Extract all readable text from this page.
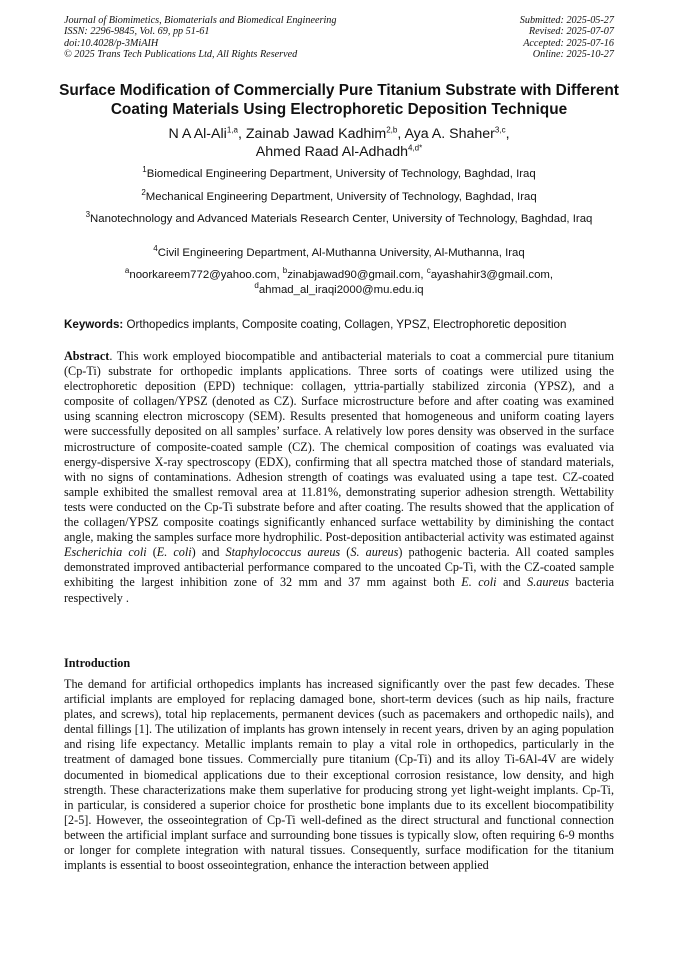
Journal of Biomimetics, Biomaterials and Biomedical Engineering	Submitted: 2025-05-27
ISSN: 2296-9845, Vol. 69, pp 51-61	Revised: 2025-07-07
doi:10.4028/p-3MiAIH	Accepted: 2025-07-16
© 2025 Trans Tech Publications Ltd, All Rights Reserved	Online: 2025-10-27
Surface Modification of Commercially Pure Titanium Substrate with Different Coating Materials Using Electrophoretic Deposition Technique
N A Al-Ali$^{1,a}$, Zainab Jawad Kadhim$^{2,b}$, Aya A. Shaher$^{3,c}$,
Ahmed Raad Al-Adhadh$^{4,d*}$
$^1$Biomedical Engineering Department, University of Technology, Baghdad, Iraq
$^2$Mechanical Engineering Department, University of Technology, Baghdad, Iraq
$^3$Nanotechnology and Advanced Materials Research Center, University of Technology, Baghdad, Iraq
$^4$Civil Engineering Department, Al-Muthanna University, Al-Muthanna, Iraq
$^a$noorkareem772@yahoo.com, $^b$zinabjawad90@gmail.com, $^c$ayashahir3@gmail.com,
$^d$ahmad_al_iraqi2000@mu.edu.iq
Keywords: Orthopedics implants, Composite coating, Collagen, YPSZ, Electrophoretic deposition
Abstract. This work employed biocompatible and antibacterial materials to coat a commercial pure titanium (Cp-Ti) substrate for orthopedic implants applications. Three sorts of coatings were utilized using the electrophoretic deposition (EPD) technique: collagen, yttria-partially stabilized zirconia (YPSZ), and a composite of collagen/YPSZ (denoted as CZ). Surface microstructure before and after coating was examined using scanning electron microscopy (SEM). Results presented that homogeneous and uniform coating layers were successfully deposited on all samples’ surface. A relatively low pores density was observed in the surface microstructure of composite-coated sample (CZ). The chemical composition of coatings was evaluated via energy-dispersive X-ray spectroscopy (EDX), confirming that all spectra matched those of standard materials, with no signs of contaminations. Adhesion strength of coatings was evaluated using a tape test. CZ-coated sample exhibited the smallest removal area at 11.81%, demonstrating superior adhesion strength. Wettability tests were conducted on the Cp-Ti substrate before and after coating. The results showed that the application of the collagen/YPSZ composite coatings significantly enhanced surface wettability by diminishing the contact angle, making the samples surface more hydrophilic. Post-deposition antibacterial activity was estimated against Escherichia coli (E. coli) and Staphylococcus aureus (S. aureus) pathogenic bacteria. All coated samples demonstrated improved antibacterial performance compared to the uncoated Cp-Ti, with the CZ-coated sample exhibiting the largest inhibition zone of 32 mm and 37 mm against both E. coli and S.aureus bacteria respectively .
Introduction
The demand for artificial orthopedics implants has increased significantly over the past few decades. These artificial implants are employed for replacing damaged bone, short-term devices (such as hip nails, fracture plates, and screws), total hip replacements, permanent devices (such as pacemakers and orthopedic nails), and dental fillings [1]. The utilization of implants has grown intensely in recent years, driven by an aging population and rising life expectancy. Metallic implants remain to play a vital role in orthopedics, particularly in the treatment of damaged bone tissues. Commercially pure titanium (Cp-Ti) and its alloy Ti-6Al-4V are widely documented in biomedical applications due to their exceptional corrosion resistance, low density, and high strength. These characterizations make them superlative for producing strong yet light-weight implants. Cp-Ti, in particular, is considered a superior choice for prosthetic bone implants due to its excellent biocompatibility [2-5]. However, the osseointegration of Cp-Ti well-defined as the direct structural and functional connection between the artificial implant surface and surrounding bone tissues is typically slow, often requiring 6-9 months or longer for complete integration with natural tissues. Consequently, surface modification for the titanium implants is essential to boost osseointegration, enhance the interaction between applied
